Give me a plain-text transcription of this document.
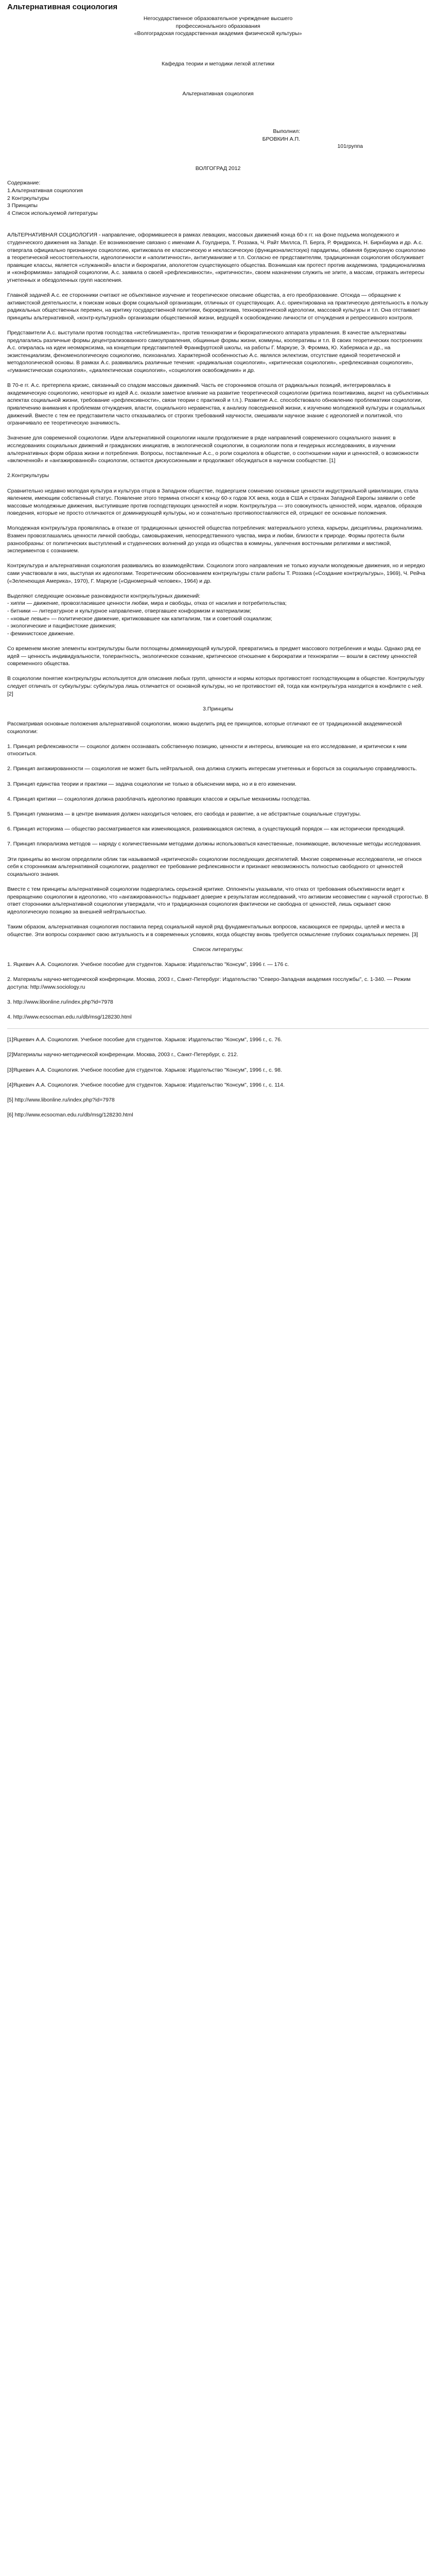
Альтернативная социология

Негосударственное образовательное учреждение высшего

профессионального образования

«Волгоградская государственная академия физической культуры»

Кафедра теории и методики легкой атлетики

Альтернативная социология

Выполнил:

БРОВКИН А.П.

101группа

ВОЛГОГРАД 2012

Содержание:

1.Альтернативная социология

2 Контркультуры

3 Принципы

4 Список используемой литературы

АЛЬТЕРНАТИВНАЯ СОЦИОЛОГИЯ - направление, оформившееся в рамках левацких, массовых движений конца 60-х гг. на фоне подъема молодежного и студенческого движения на Западе. Ее возникновение связано с именами А. Гоулднера, Т. Роззака, Ч. Райт Миллса, П. Берга, Р. Фридрихса, Н. Бирнбаума и др. А.с. отвергала официально признанную социологию, критиковала ее классическую и неклассическую (функционалистскую) парадигмы, обвиняя буржуазную социологию в теоретической несостоятельности, идеологичности и «аполитичности», антигуманизме и т.п. Согласно ее представителям, традиционная социология обслуживает правящие классы, является «служанкой» власти и бюрократии, апологетом существующего общества. Возникшая как протест против академизма, традиционализма и «конформизма» западной социологии, А.с. заявила о своей «рефлексивности», «критичности», своем назначении служить не элите, а массам, отражать интересы угнетенных и обездоленных групп населения.

Главной задачей А.с. ее сторонники считают не объективное изучение и теоретическое описание общества, а его преобразование. Отсюда — обращение к активистской деятельности, к поискам новых форм социальной организации, отличных от существующих. А.с. ориентирована на практическую деятельность в пользу радикальных общественных перемен, на критику государственной политики, бюрократизма, технократической идеологии, массовой культуры и т.п. Она отстаивает принципы альтернативной, «контр-культурной» организации общественной жизни, ведущей к освобождению личности от отчуждения и репрессивного контроля.

Представители А.с. выступали против господства «истеблишмента», против технократии и бюрократического аппарата управления. В качестве альтернативы предлагались различные формы децентрализованного самоуправления, общинные формы жизни, коммуны, кооперативы и т.п. В своих теоретических построениях А.с. опиралась на идеи неомарксизма, на концепции представителей Франкфуртской школы, на работы Г. Маркузе, Э. Фромма, Ю. Хабермаса и др., на экзистенциализм, феноменологическую социологию, психоанализ. Характерной особенностью А.с. являлся эклектизм, отсутствие единой теоретической и методологической основы. В рамках А.с. развивались различные течения: «радикальная социология», «критическая социология», «рефлексивная социология», «гуманистическая социология», «диалектическая социология», «социология освобождения» и др.

В 70-е гг. А.с. претерпела кризис, связанный со спадом массовых движений. Часть ее сторонников отошла от радикальных позиций, интегрировалась в академическую социологию, некоторые из идей А.с. оказали заметное влияние на развитие теоретической социологии (критика позитивизма, акцент на субъективных аспектах социальной жизни, требование «рефлексивности», связи теории с практикой и т.п.). Развитие А.с. способствовало обновлению проблематики социологии, привлечению внимания к проблемам отчуждения, власти, социального неравенства, к анализу повседневной жизни, к изучению молодежной культуры и социальных движений. Вместе с тем ее представители часто отказывались от строгих требований научности, смешивали научное знание с идеологией и политикой, что ограничивало ее теоретическую значимость.

Значение для современной социологии. Идеи альтернативной социологии нашли продолжение в ряде направлений современного социального знания: в исследованиях социальных движений и гражданских инициатив, в экологической социологии, в социологии пола и гендерных исследованиях, в изучении альтернативных форм образа жизни и потребления. Вопросы, поставленные А.с., о роли социолога в обществе, о соотношении науки и ценностей, о возможности «включенной» и «ангажированной» социологии, остаются дискуссионными и продолжают обсуждаться в научном сообществе. [1]

2.Контркультуры

Сравнительно недавно молодая культура и культура отцов в Западном обществе, подвергшем сомнению основные ценности индустриальной цивилизации, стала явлением, имеющим собственный статус. Появление этого термина относят к концу 60-х годов ХХ века, когда в США и странах Западной Европы заявили о себе массовые молодежные движения, выступившие против господствующих ценностей и норм. Контркультура — это совокупность ценностей, норм, идеалов, образцов поведения, которые не просто отличаются от доминирующей культуры, но и сознательно противопоставляются ей, отрицают ее основные положения.

Молодежная контркультура проявлялась в отказе от традиционных ценностей общества потребления: материального успеха, карьеры, дисциплины, рационализма. Взамен провозглашались ценности личной свободы, самовыражения, непосредственного чувства, мира и любви, близости к природе. Формы протеста были разнообразны: от политических выступлений и студенческих волнений до ухода из общества в коммуны, увлечения восточными религиями и мистикой, экспериментов с сознанием.

Контркультура и альтернативная социология развивались во взаимодействии. Социологи этого направления не только изучали молодежные движения, но и нередко сами участвовали в них, выступая их идеологами. Теоретическим обоснованием контркультуры стали работы Т. Роззака («Создание контркультуры», 1969), Ч. Рейча («Зеленеющая Америка», 1970), Г. Маркузе («Одномерный человек», 1964) и др.

Выделяют следующие основные разновидности контркультурных движений:

- хиппи — движение, провозгласившее ценности любви, мира и свободы, отказ от насилия и потребительства;

- битники — литературное и культурное направление, отвергавшее конформизм и материализм;

- «новые левые» — политическое движение, критиковавшее как капитализм, так и советский социализм;

- экологические и пацифистские движения;

- феминистское движение.

Со временем многие элементы контркультуры были поглощены доминирующей культурой, превратились в предмет массового потребления и моды. Однако ряд ее идей — ценность индивидуальности, толерантность, экологическое сознание, критическое отношение к бюрократии и технократии — вошли в систему ценностей современного общества.

В социологии понятие контркультуры используется для описания любых групп, ценности и нормы которых противостоят господствующим в обществе. Контркультуру следует отличать от субкультуры: субкультура лишь отличается от основной культуры, но не противостоит ей, тогда как контркультура находится в конфликте с ней. [2]

3.Принципы

Рассматривая основные положения альтернативной социологии, можно выделить ряд ее принципов, которые отличают ее от традиционной академической социологии:

1. Принцип рефлексивности — социолог должен осознавать собственную позицию, ценности и интересы, влияющие на его исследование, и критически к ним относиться.

2. Принцип ангажированности — социология не может быть нейтральной, она должна служить интересам угнетенных и бороться за социальную справедливость.

3. Принцип единства теории и практики — задача социологии не только в объяснении мира, но и в его изменении.

4. Принцип критики — социология должна разоблачать идеологию правящих классов и скрытые механизмы господства.

5. Принцип гуманизма — в центре внимания должен находиться человек, его свобода и развитие, а не абстрактные социальные структуры.

6. Принцип историзма — общество рассматривается как изменяющаяся, развивающаяся система, а существующий порядок — как исторически преходящий.

7. Принцип плюрализма методов — наряду с количественными методами должны использоваться качественные, понимающие, включенные методы исследования.

Эти принципы во многом определили облик так называемой «критической» социологии последующих десятилетий. Многие современные исследователи, не относя себя к сторонникам альтернативной социологии, разделяют ее требование рефлексивности и признают невозможность полностью свободного от ценностей социального знания.

Вместе с тем принципы альтернативной социологии подвергались серьезной критике. Оппоненты указывали, что отказ от требования объективности ведет к превращению социологии в идеологию, что «ангажированность» подрывает доверие к результатам исследований, что активизм несовместим с научной строгостью. В ответ сторонники альтернативной социологии утверждали, что и традиционная социология фактически не свободна от ценностей, лишь скрывает свою идеологическую позицию за внешней нейтральностью.

Таким образом, альтернативная социология поставила перед социальной наукой ряд фундаментальных вопросов, касающихся ее природы, целей и места в обществе. Эти вопросы сохраняют свою актуальность и в современных условиях, когда обществу вновь требуется осмысление глубоких социальных перемен. [3]

Список литературы:

1. Яцкевич А.А. Социология. Учебное пособие для студентов. Харьков: Издательство "Консум", 1996 г. — 176 с.

2. Материалы научно-методической конференции. Москва, 2003 г., Санкт-Петербург: Издательство "Северо-Западная академия госслужбы", с. 1-340. — Режим доступа: http://www.sociology.ru

3. http://www.libonline.ru/index.php?id=7978

4. http://www.ecsocman.edu.ru/db/msg/128230.html

[1]Яцкевич А.А. Социология. Учебное пособие для студентов. Харьков: Издательство "Консум", 1996 г., с. 76.

[2]Материалы научно-методической конференции. Москва, 2003 г., Санкт-Петербург, с. 212.

[3]Яцкевич А.А. Социология. Учебное пособие для студентов. Харьков: Издательство "Консум", 1996 г., с. 98.

[4]Яцкевич А.А. Социология. Учебное пособие для студентов. Харьков: Издательство "Консум", 1996 г., с. 114.

[5] http://www.libonline.ru/index.php?id=7978

[6] http://www.ecsocman.edu.ru/db/msg/128230.html
